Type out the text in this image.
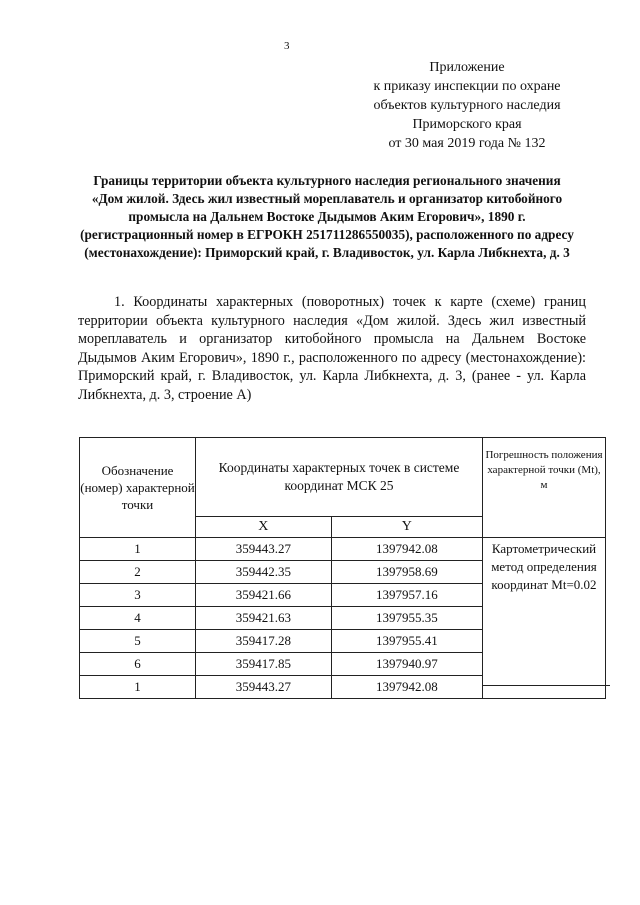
3
Приложение
к приказу инспекции по охране
объектов культурного наследия
Приморского края
от 30 мая 2019 года № 132
Границы территории объекта культурного наследия регионального значения «Дом жилой. Здесь жил известный мореплаватель и организатор китобойного промысла на Дальнем Востоке Дыдымов Аким Егорович», 1890 г. (регистрационный номер в ЕГРОКН 251711286550035), расположенного по адресу (местонахождение): Приморский край, г. Владивосток, ул. Карла Либкнехта, д. 3
1. Координаты характерных (поворотных) точек к карте (схеме) границ территории объекта культурного наследия «Дом жилой. Здесь жил известный мореплаватель и организатор китобойного промысла на Дальнем Востоке Дыдымов Аким Егорович», 1890 г., расположенного по адресу (местонахождение): Приморский край, г. Владивосток, ул. Карла Либкнехта, д. 3, (ранее - ул. Карла Либкнехта, д. 3, строение А)
Обозначение (номер) характерной точки	Координаты характерных точек в системе координат МСК 25		Погрешность положения характерной точки (Mt), м
	X	Y	
1	359443.27	1397942.08	Картометрический метод определения координат Mt=0.02
2	359442.35	1397958.69	
3	359421.66	1397957.16	
4	359421.63	1397955.35	
5	359417.28	1397955.41	
6	359417.85	1397940.97	
1	359443.27	1397942.08	
